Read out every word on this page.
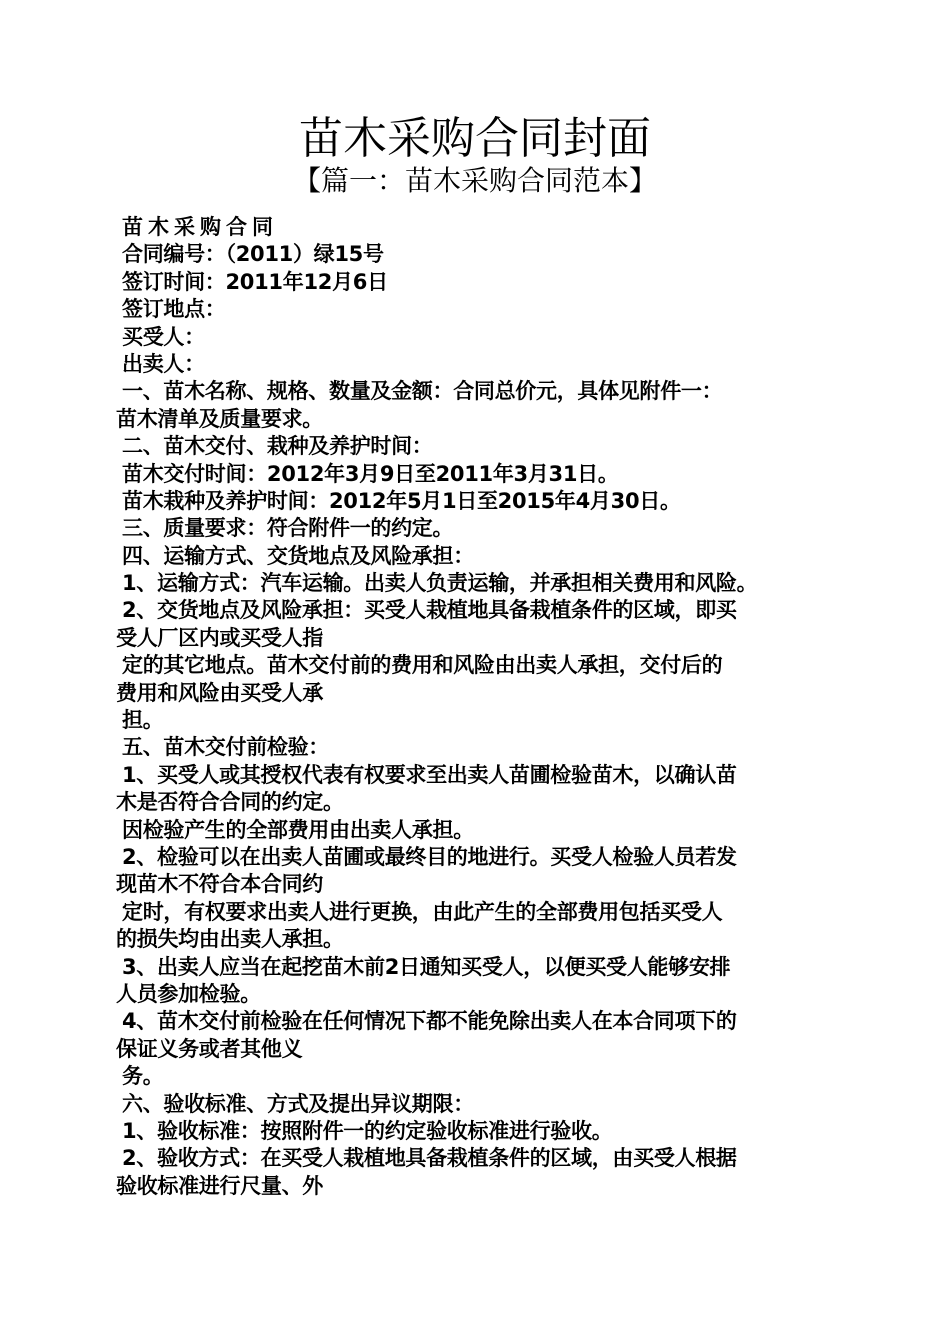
苗木采购合同封面
【篇一：苗木采购合同范本】
苗木采购合同
合同编号：（2011）绿15号
签订时间：2011年12月6日
签订地点：
买受人：
出卖人：
一、苗木名称、规格、数量及金额：合同总价元，具体见附件一：
苗木清单及质量要求。
二、苗木交付、栽种及养护时间：
苗木交付时间：2012年3月9日至2011年3月31日。
苗木栽种及养护时间：2012年5月1日至2015年4月30日。
三、质量要求：符合附件一的约定。
四、运输方式、交货地点及风险承担：
1、运输方式：汽车运输。出卖人负责运输，并承担相关费用和风险。
2、交货地点及风险承担：买受人栽植地具备栽植条件的区域，即买
受人厂区内或买受人指
定的其它地点。苗木交付前的费用和风险由出卖人承担，交付后的
费用和风险由买受人承
担。
五、苗木交付前检验：
1、买受人或其授权代表有权要求至出卖人苗圃检验苗木，以确认苗
木是否符合合同的约定。
因检验产生的全部费用由出卖人承担。
2、检验可以在出卖人苗圃或最终目的地进行。买受人检验人员若发
现苗木不符合本合同约
定时，有权要求出卖人进行更换，由此产生的全部费用包括买受人
的损失均由出卖人承担。
3、出卖人应当在起挖苗木前2日通知买受人，以便买受人能够安排
人员参加检验。
4、苗木交付前检验在任何情况下都不能免除出卖人在本合同项下的
保证义务或者其他义
务。
六、验收标准、方式及提出异议期限：
1、验收标准：按照附件一的约定验收标准进行验收。
2、验收方式：在买受人栽植地具备栽植条件的区域，由买受人根据
验收标准进行尺量、外
